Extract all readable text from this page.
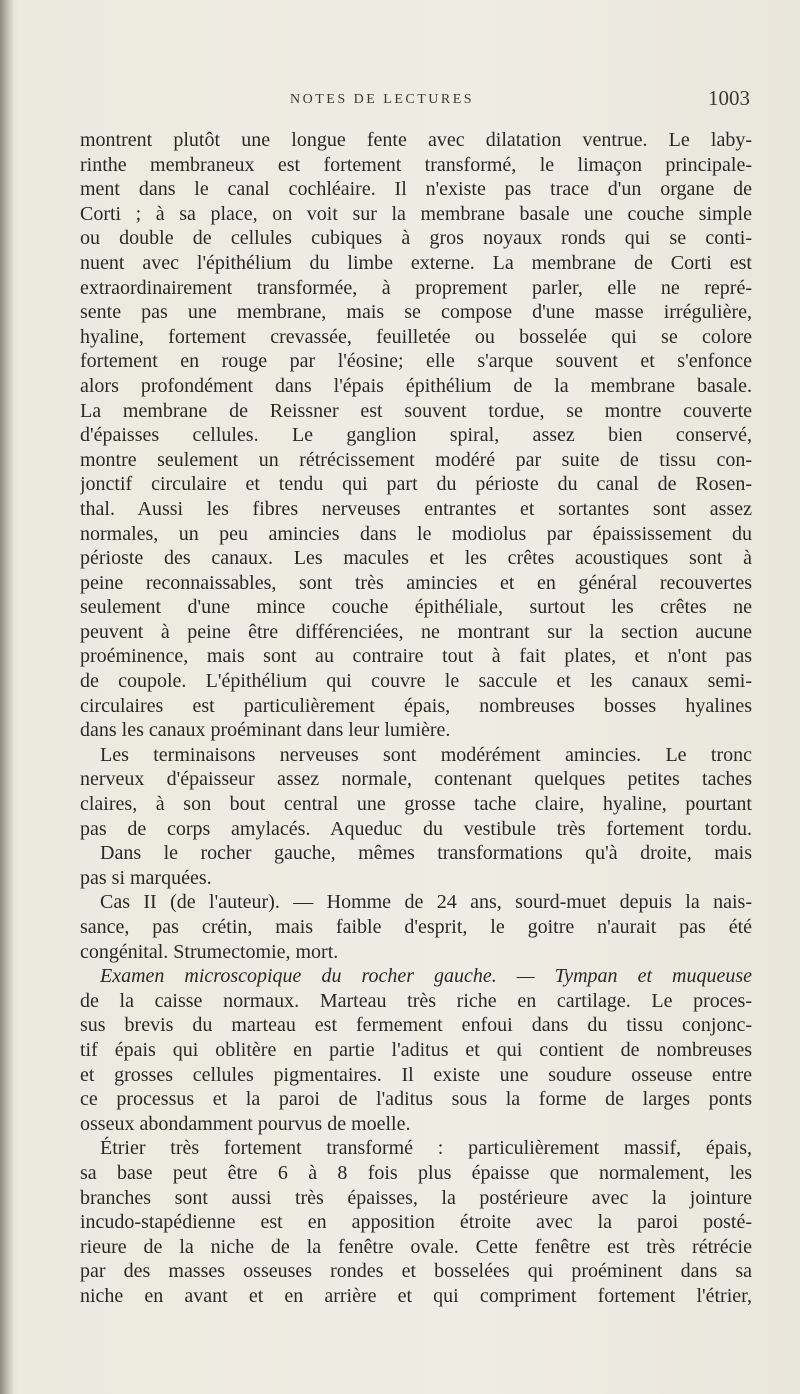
NOTES DE LECTURES	1003
montrent plutôt une longue fente avec dilatation ventrue. Le laby-
rinthe membraneux est fortement transformé, le limaçon principale-
ment dans le canal cochléaire. Il n'existe pas trace d'un organe de
Corti ; à sa place, on voit sur la membrane basale une couche simple
ou double de cellules cubiques à gros noyaux ronds qui se conti-
nuent avec l'épithélium du limbe externe. La membrane de Corti est
extraordinairement transformée, à proprement parler, elle ne repré-
sente pas une membrane, mais se compose d'une masse irrégulière,
hyaline, fortement crevassée, feuilletée ou bosselée qui se colore
fortement en rouge par l'éosine; elle s'arque souvent et s'enfonce
alors profondément dans l'épais épithélium de la membrane basale.
La membrane de Reissner est souvent tordue, se montre couverte
d'épaisses cellules. Le ganglion spiral, assez bien conservé,
montre seulement un rétrécissement modéré par suite de tissu con-
jonctif circulaire et tendu qui part du périoste du canal de Rosen-
thal. Aussi les fibres nerveuses entrantes et sortantes sont assez
normales, un peu amincies dans le modiolus par épaississement du
périoste des canaux. Les macules et les crêtes acoustiques sont à
peine reconnaissables, sont très amincies et en général recouvertes
seulement d'une mince couche épithéliale, surtout les crêtes ne
peuvent à peine être différenciées, ne montrant sur la section aucune
proéminence, mais sont au contraire tout à fait plates, et n'ont pas
de coupole. L'épithélium qui couvre le saccule et les canaux semi-
circulaires est particulièrement épais, nombreuses bosses hyalines
dans les canaux proéminant dans leur lumière.
Les terminaisons nerveuses sont modérément amincies. Le tronc
nerveux d'épaisseur assez normale, contenant quelques petites taches
claires, à son bout central une grosse tache claire, hyaline, pourtant
pas de corps amylacés. Aqueduc du vestibule très fortement tordu.
Dans le rocher gauche, mêmes transformations qu'à droite, mais
pas si marquées.
Cas II (de l'auteur). — Homme de 24 ans, sourd-muet depuis la nais-
sance, pas crétin, mais faible d'esprit, le goitre n'aurait pas été
congénital. Strumectomie, mort.
Examen microscopique du rocher gauche. — Tympan et muqueuse
de la caisse normaux. Marteau très riche en cartilage. Le proces-
sus brevis du marteau est fermement enfoui dans du tissu conjonc-
tif épais qui oblitère en partie l'aditus et qui contient de nombreuses
et grosses cellules pigmentaires. Il existe une soudure osseuse entre
ce processus et la paroi de l'aditus sous la forme de larges ponts
osseux abondamment pourvus de moelle.
Étrier très fortement transformé : particulièrement massif, épais,
sa base peut être 6 à 8 fois plus épaisse que normalement, les
branches sont aussi très épaisses, la postérieure avec la jointure
incudo-stapédienne est en apposition étroite avec la paroi posté-
rieure de la niche de la fenêtre ovale. Cette fenêtre est très rétrécie
par des masses osseuses rondes et bosselées qui proéminent dans sa
niche en avant et en arrière et qui compriment fortement l'étrier,
